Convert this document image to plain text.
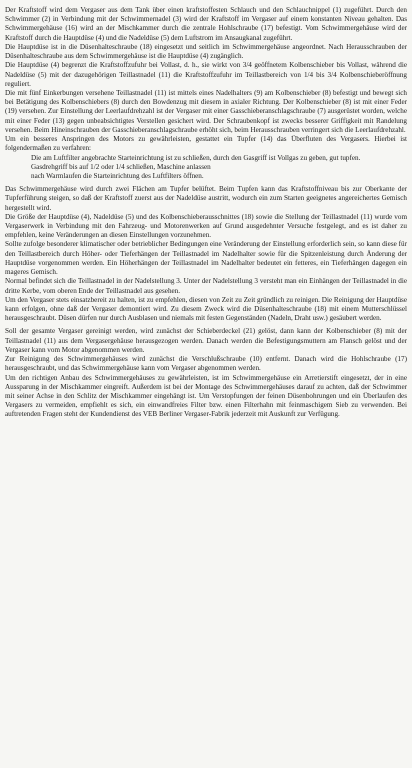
Der Kraftstoff wird dem Vergaser aus dem Tank über einen kraftstoffesten Schlauch und den Schlauchnippel (1) zugeführt. Durch den Schwimmer (2) in Verbindung mit der Schwimmernadel (3) wird der Kraftstoff im Vergaser auf einem konstanten Niveau gehalten. Das Schwimmergehäuse (16) wird an der Mischkammer durch die zentrale Hohlschraube (17) befestigt. Vom Schwimmergehäuse wird der Kraftstoff durch die Hauptdüse (4) und die Nadeldüse (5) dem Luftstrom im Ansaugkanal zugeführt.

Die Hauptdüse ist in die Düsenhalteschraube (18) eingesetzt und seitlich im Schwimmergehäuse angeordnet. Nach Herausschrauben der Düsenhalteschraube aus dem Schwimmergehäuse ist die Hauptdüse (4) zugänglich.

Die Hauptdüse (4) begrenzt die Kraftstoffzufuhr bei Vollast, d. h., sie wirkt von 3/4 geöffnetem Kolbenschieber bis Vollast, während die Nadeldüse (5) mit der dazugehörigen Teillastnadel (11) die Kraftstoffzufuhr im Teillastbereich von 1/4 bis 3/4 Kolbenschieberöffnung reguliert.

Die mit fünf Einkerbungen versehene Teillastnadel (11) ist mittels eines Nadelhalters (9) am Kolbenschieber (8) befestigt und bewegt sich bei Betätigung des Kolbenschiebers (8) durch den Bowdenzug mit diesem in axialer Richtung. Der Kolbenschieber (8) ist mit einer Feder (19) versehen. Zur Einstellung der Leerlaufdrehzahl ist der Vergaser mit einer Gasschieberanschlagschraube (7) ausgerüstet worden, welche mit einer Feder (13) gegen unbeabsichtigtes Verstellen gesichert wird. Der Schraubenkopf ist zwecks besserer Griffigkeit mit Randelung versehen. Beim Hineinschrauben der Gasschieberanschlagschraube erhöht sich, beim Herausschrauben verringert sich die Leerlaufdrehzahl.

Um ein besseres Anspringen des Motors zu gewährleisten, gestattet ein Tupfer (14) das Überfluten des Vergasers. Hierbei ist folgendermaßen zu verfahren:

Die am Luftfilter angebrachte Starteinrichtung ist zu schließen, durch den Gasgriff ist Vollgas zu geben, gut tupfen.

Gasdrehgriff bis auf 1/2 oder 1/4 schließen, Maschine anlassen

nach Warmlaufen die Starteinrichtung des Luftfilters öffnen.

Das Schwimmergehäuse wird durch zwei Flächen am Tupfer belüftet. Beim Tupfen kann das Kraftstoffniveau bis zur Oberkante der Tupferführung steigen, so daß der Kraftstoff zuerst aus der Nadeldüse austritt, wodurch ein zum Starten geeignetes angereichertes Gemisch hergestellt wird.

Die Größe der Hauptdüse (4), Nadeldüse (5) und des Kolbenschieberausschnittes (18) sowie die Stellung der Teillastnadel (11) wurde vom Vergaserwerk in Verbindung mit den Fahrzeug- und Motorenwerken auf Grund ausgedehnter Versuche festgelegt, and es ist daher zu empfehlen, keine Veränderungen an diesen Einstellungen vorzunehmen.

Sollte zufolge besonderer klimatischer oder betrieblicher Bedingungen eine Veränderung der Einstellung erforderlich sein, so kann diese für den Teillastbereich durch Höher- oder Tieferhängen der Teillastnadel im Nadelhalter sowie für die Spitzenleistung durch Änderung der Hauptdüse vorgenommen werden. Ein Höherhängen der Teillastnadel im Nadelhalter bedeutet ein fetteres, ein Tieferhängen dagegen ein mageres Gemisch.

Normal befindet sich die Teillastnadel in der Nadelstellung 3. Unter der Nadelstellung 3 versteht man ein Einhängen der Teillastnadel in die dritte Kerbe, vom oberen Ende der Teillastnadel aus gesehen.

Um den Vergaser stets einsatzbereit zu halten, ist zu empfehlen, diesen von Zeit zu Zeit gründlich zu reinigen. Die Reinigung der Hauptdüse kann erfolgen, ohne daß der Vergaser demontiert wird. Zu diesem Zweck wird die Düsenhalteschraube (18) mit einem Mutterschlüssel herausgeschraubt. Düsen dürfen nur durch Ausblasen und niemals mit festen Gegenständen (Nadeln, Draht usw.) gesäubert werden.

Soll der gesamte Vergaser gereinigt werden, wird zunächst der Schieberdeckel (21) gelöst, dann kann der Kolbenschieber (8) mit der Teillastnadel (11) aus dem Vergasergehäuse herausgezogen werden. Danach werden die Befestigungsmuttern am Flansch gelöst und der Vergaser kann vom Motor abgenommen werden.

Zur Reinigung des Schwimmergehäuses wird zunächst die Verschlußschraube (10) entfernt. Danach wird die Hohlschraube (17) herausgeschraubt, und das Schwimmergehäuse kann vom Vergaser abgenommen werden.

Um den richtigen Anbau des Schwimmergehäuses zu gewährleisten, ist im Schwimmergehäuse ein Arretierstift eingesetzt, der in eine Aussparung in der Mischkammer eingreift. Außerdem ist bei der Montage des Schwimmergehäuses darauf zu achten, daß der Schwimmer mit seiner Achse in den Schlitz der Mischkammer eingehängt ist. Um Verstopfungen der feinen Düsenbohrungen und ein Überlaufen des Vergasers zu vermeiden, empfiehlt es sich, ein einwandfreies Filter bzw. einen Filterhahn mit feinmaschigem Sieb zu verwenden. Bei auftretenden Fragen steht der Kundendienst des VEB Berliner Vergaser-Fabrik jederzeit mit Auskunft zur Verfügung.
